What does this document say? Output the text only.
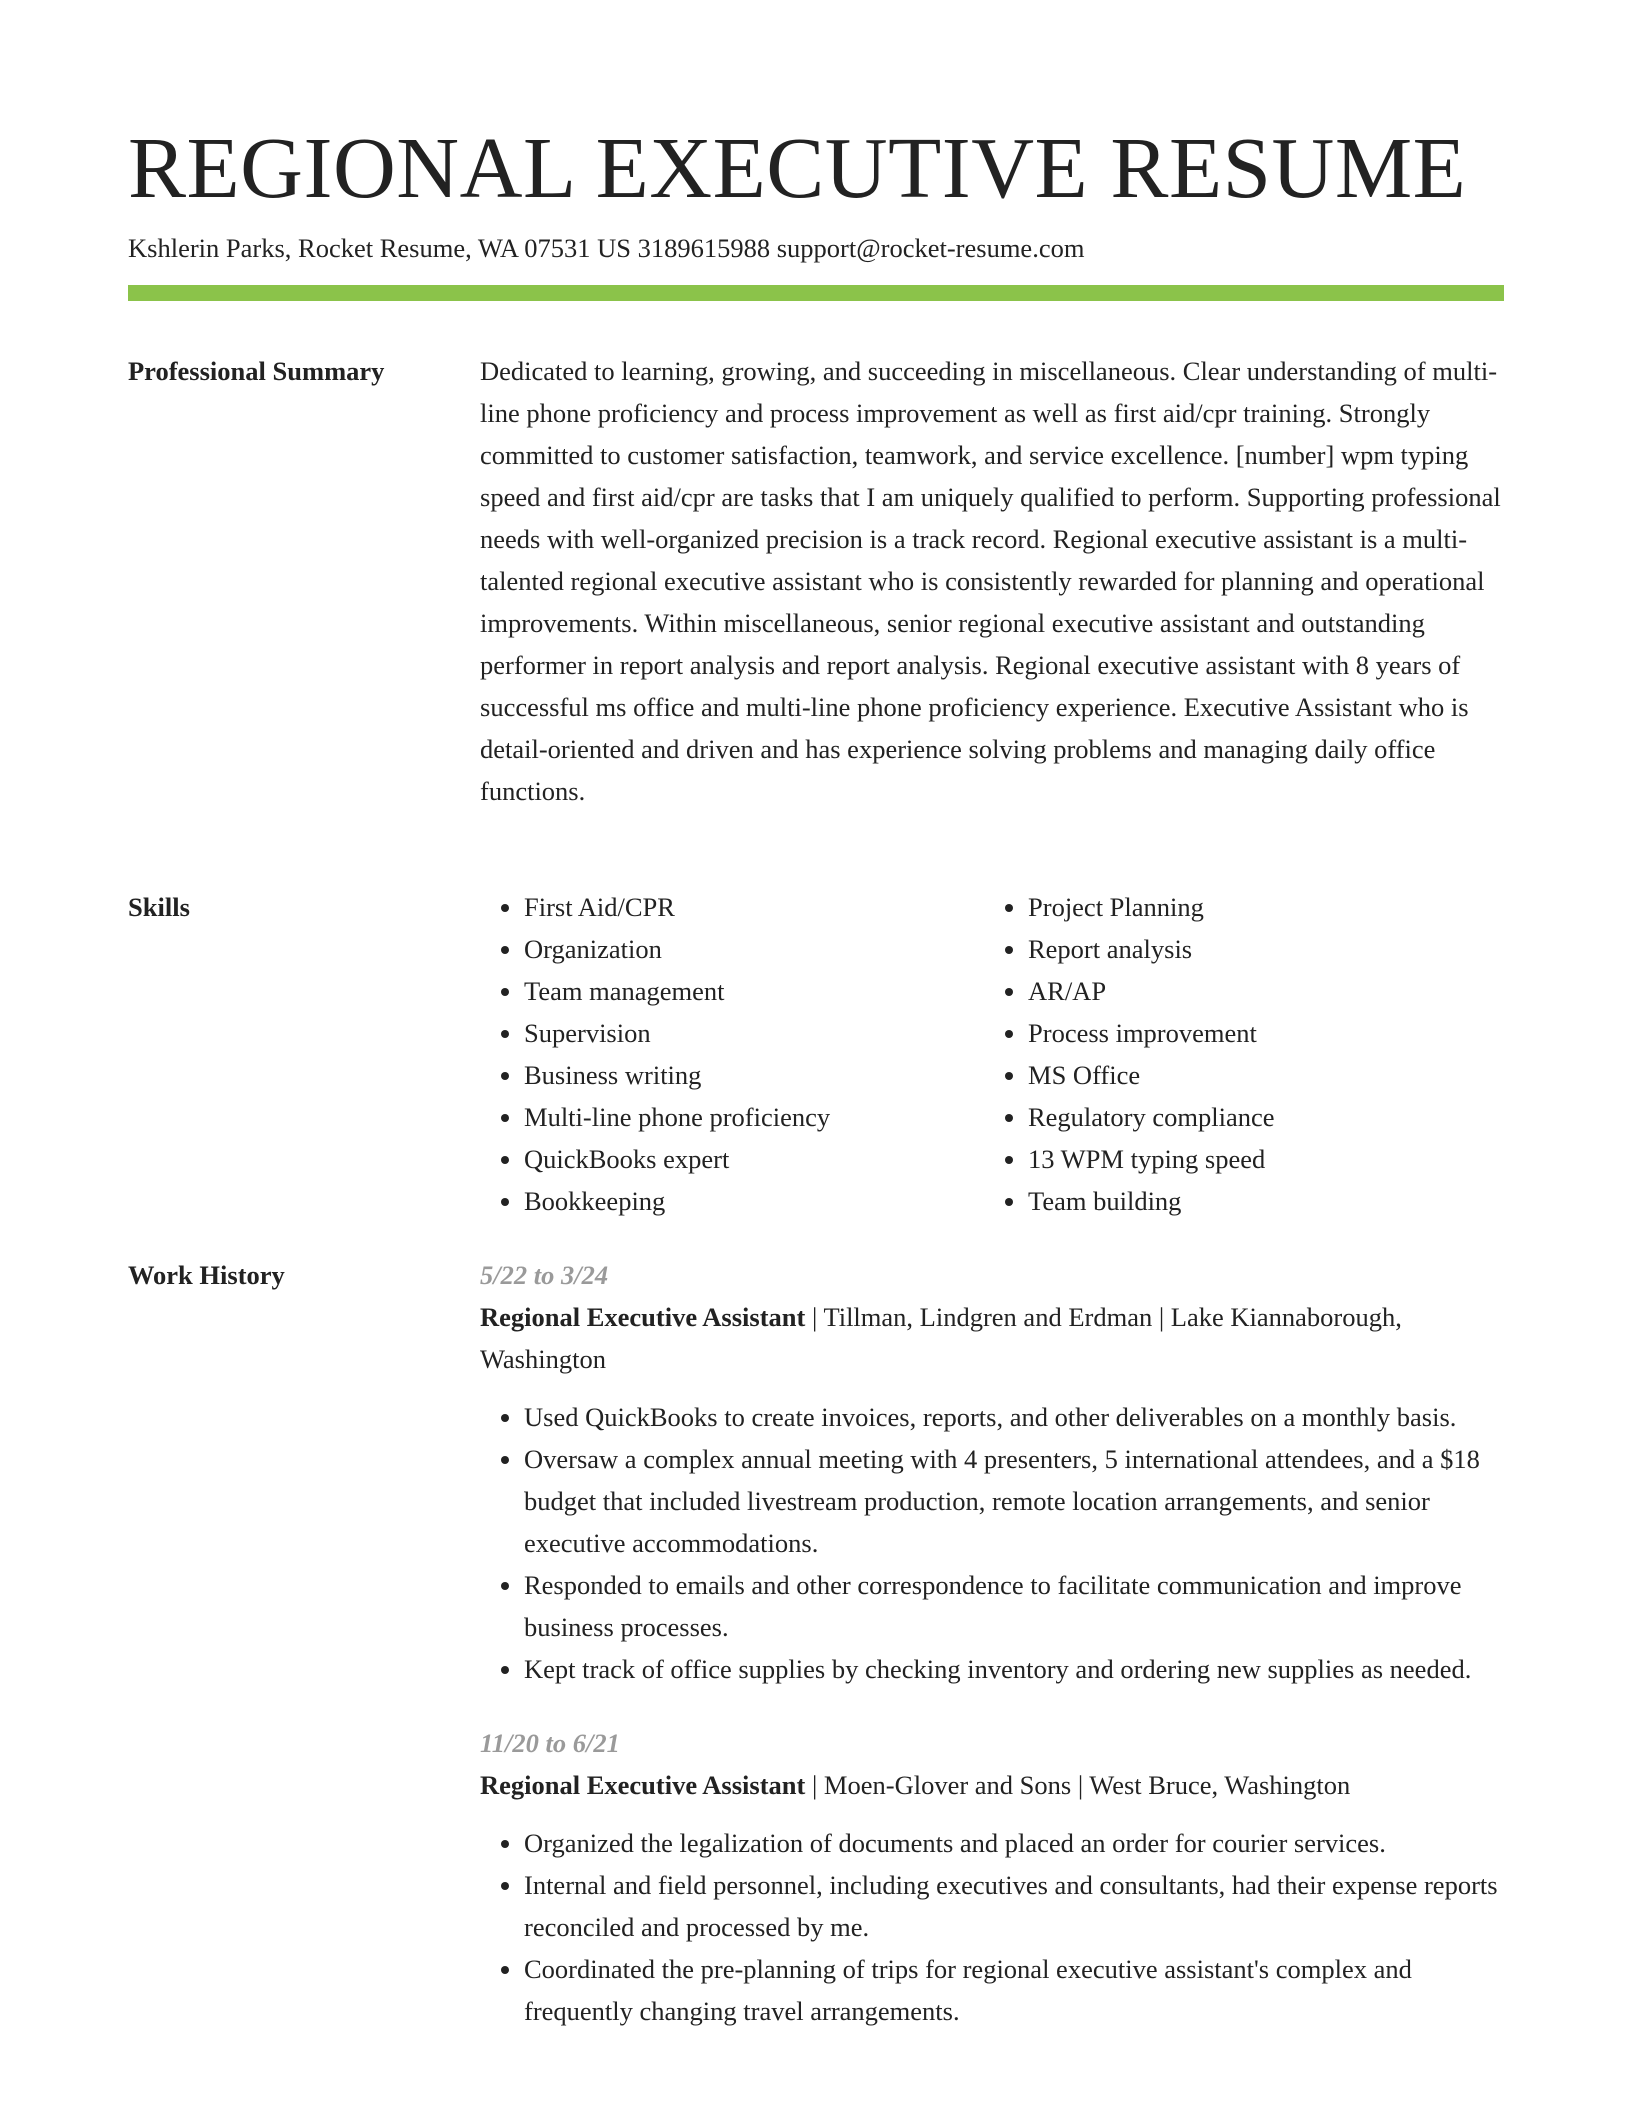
REGIONAL EXECUTIVE RESUME
Kshlerin Parks, Rocket Resume, WA 07531 US 3189615988 support@rocket-resume.com
Professional Summary	Dedicated to learning, growing, and succeeding in miscellaneous. Clear understanding of multi-line phone proficiency and process improvement as well as first aid/cpr training. Strongly committed to customer satisfaction, teamwork, and service excellence. [number] wpm typing speed and first aid/cpr are tasks that I am uniquely qualified to perform. Supporting professional needs with well-organized precision is a track record. Regional executive assistant is a multi-talented regional executive assistant who is consistently rewarded for planning and operational improvements. Within miscellaneous, senior regional executive assistant and outstanding performer in report analysis and report analysis. Regional executive assistant with 8 years of successful ms office and multi-line phone proficiency experience. Executive Assistant who is detail-oriented and driven and has experience solving problems and managing daily office functions.

Skills
•	First Aid/CPR
• Organization
• Team management
• Supervision
• Business writing
• Multi-line phone proficiency
• QuickBooks expert
• Bookkeeping
• Project Planning
• Report analysis
• AR/AP
• Process improvement
• MS Office
• Regulatory compliance
• 13 WPM typing speed
• Team building
Work History	5/22 to 3/24
Regional Executive Assistant | Tillman, Lindgren and Erdman | Lake Kiannaborough, Washington
• Used QuickBooks to create invoices, reports, and other deliverables on a monthly basis.
• Oversaw a complex annual meeting with 4 presenters, 5 international attendees, and a $18 budget that included livestream production, remote location arrangements, and senior executive accommodations.
• Responded to emails and other correspondence to facilitate communication and improve business processes.
• Kept track of office supplies by checking inventory and ordering new supplies as needed.
11/20 to 6/21
Regional Executive Assistant | Moen-Glover and Sons | West Bruce, Washington
• Organized the legalization of documents and placed an order for courier services.
• Internal and field personnel, including executives and consultants, had their expense reports reconciled and processed by me.
• Coordinated the pre-planning of trips for regional executive assistant's complex and frequently changing travel arrangements.
